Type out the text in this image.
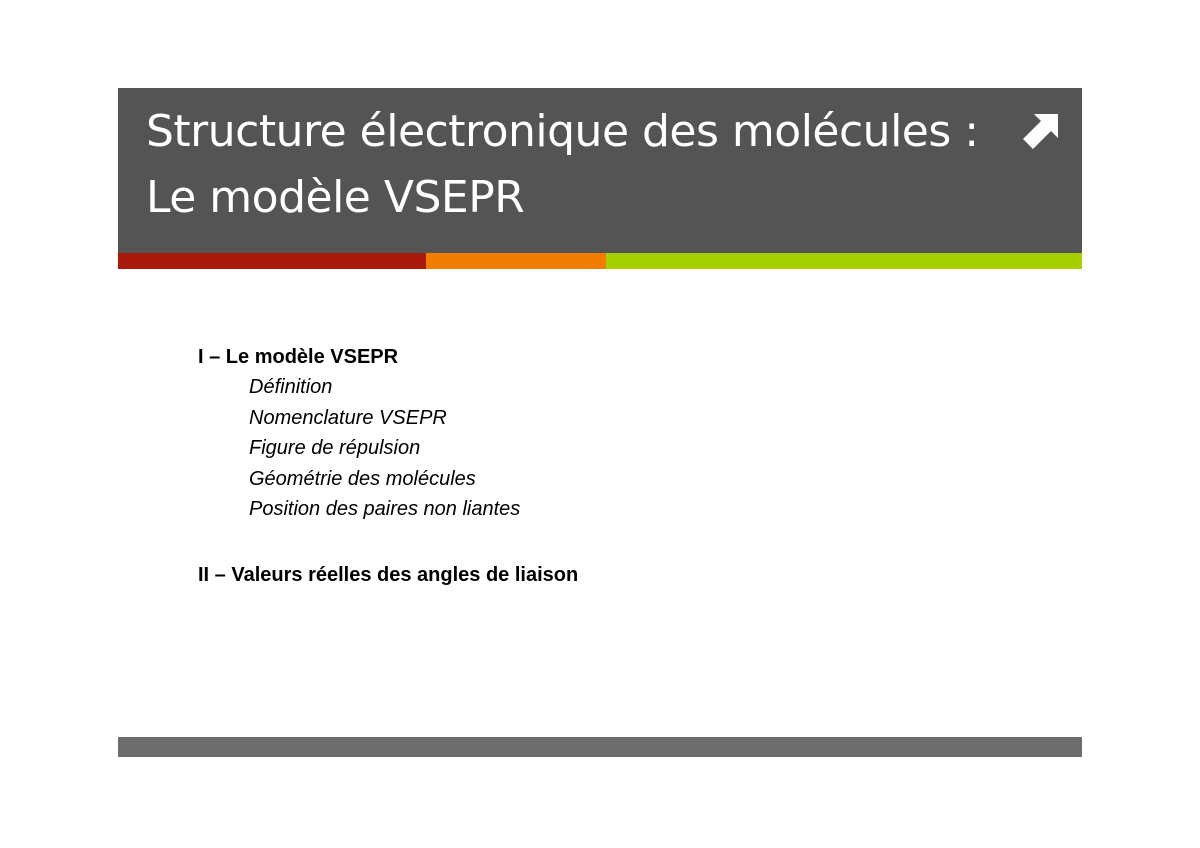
Structure électronique des molécules :
Le modèle VSEPR
I – Le modèle VSEPR
Définition
Nomenclature VSEPR
Figure de répulsion
Géométrie des molécules
Position des paires non liantes
II – Valeurs réelles des angles de liaison
